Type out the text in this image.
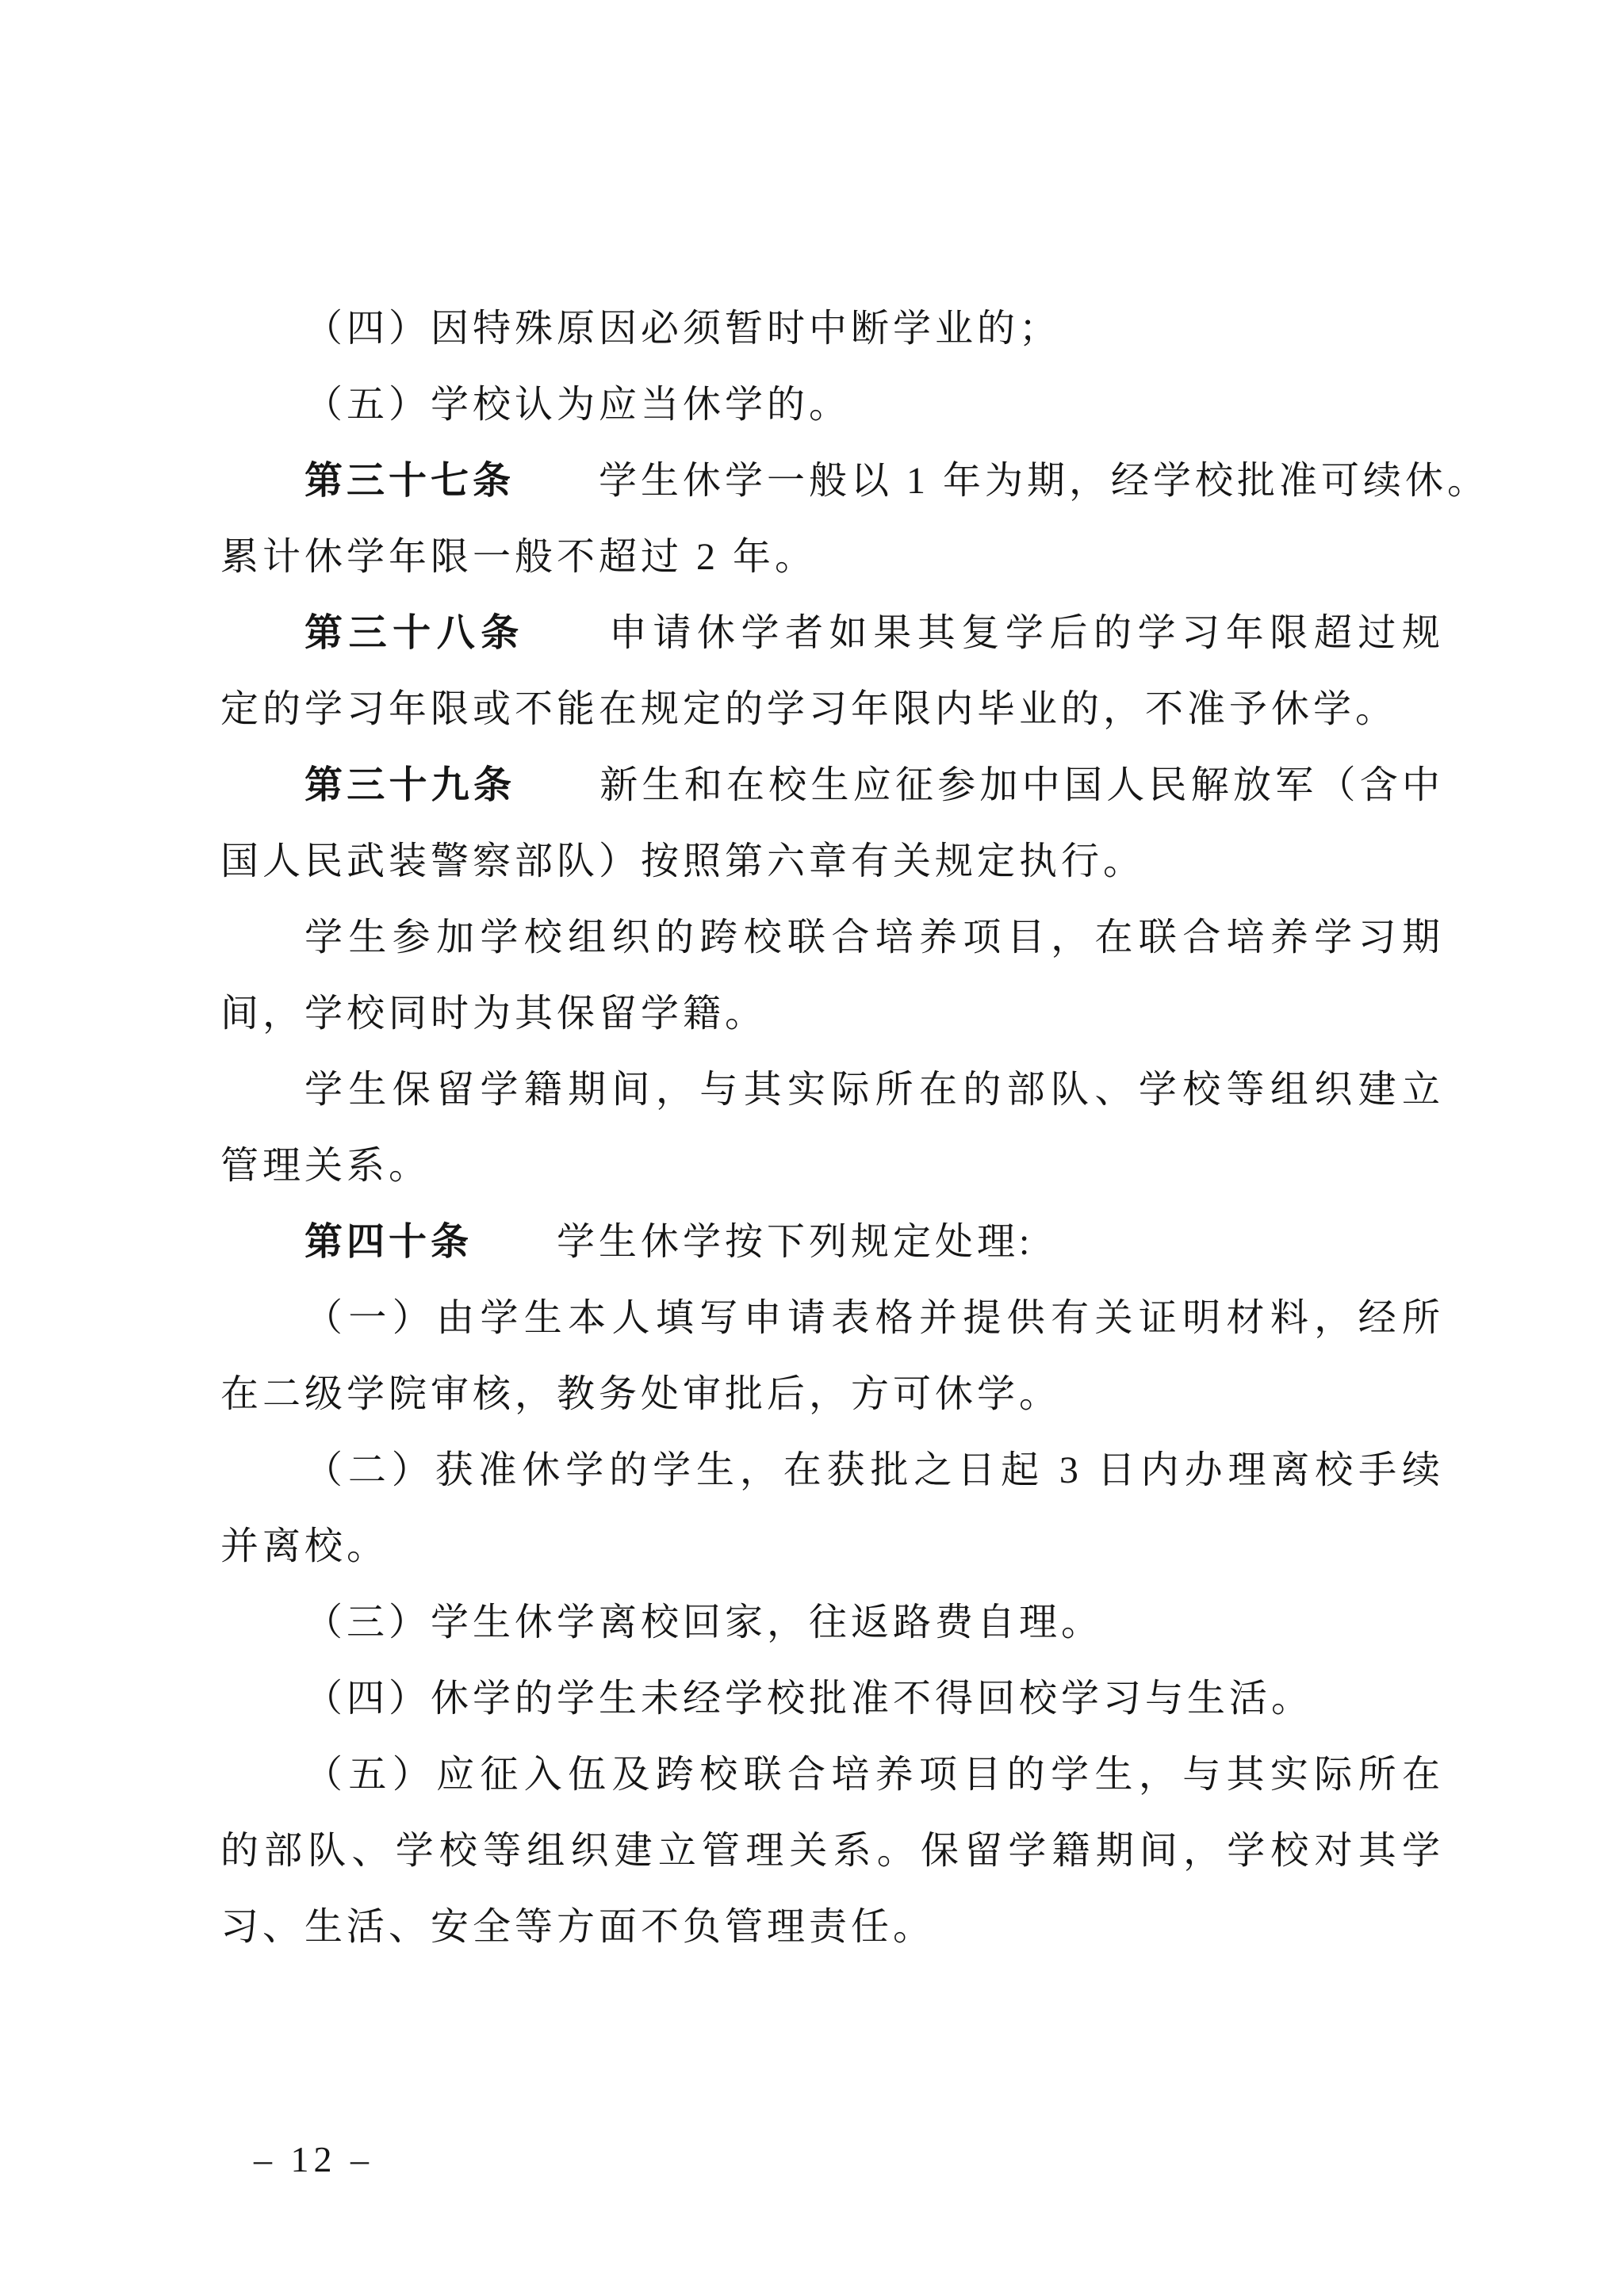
（四）因特殊原因必须暂时中断学业的；
（五）学校认为应当休学的。
第三十七条 学生休学一般以 1 年为期，经学校批准可续休。
累计休学年限一般不超过 2 年。
第三十八条 申请休学者如果其复学后的学习年限超过规
定的学习年限或不能在规定的学习年限内毕业的，不准予休学。
第三十九条 新生和在校生应征参加中国人民解放军（含中
国人民武装警察部队）按照第六章有关规定执行。
学生参加学校组织的跨校联合培养项目，在联合培养学习期
间，学校同时为其保留学籍。
学生保留学籍期间，与其实际所在的部队、学校等组织建立
管理关系。
第四十条 学生休学按下列规定处理:
（一）由学生本人填写申请表格并提供有关证明材料，经所
在二级学院审核，教务处审批后，方可休学。
（二）获准休学的学生，在获批之日起 3 日内办理离校手续
并离校。
（三）学生休学离校回家，往返路费自理。
（四）休学的学生未经学校批准不得回校学习与生活。
（五）应征入伍及跨校联合培养项目的学生，与其实际所在
的部队、学校等组织建立管理关系。保留学籍期间，学校对其学
习、生活、安全等方面不负管理责任。
– 12 –
